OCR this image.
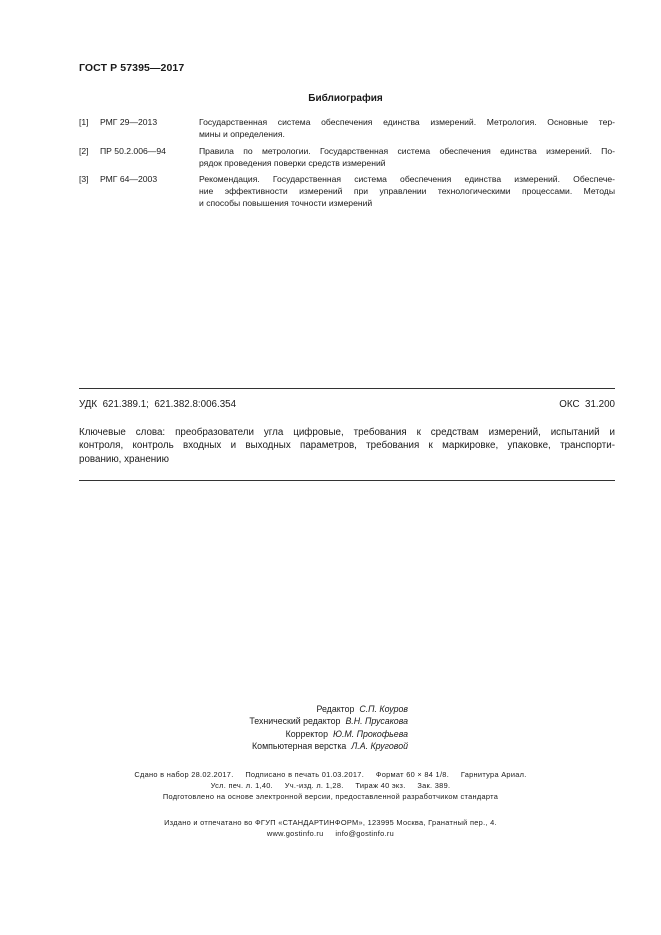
ГОСТ Р 57395—2017
Библиография
[1] РМГ 29—2013	Государственная система обеспечения единства измерений. Метрология. Основные тер-
мины и определения.
[2] ПР 50.2.006—94	Правила по метрологии. Государственная система обеспечения единства измерений. По-
рядок проведения поверки средств измерений
[3] РМГ 64—2003	Рекомендация. Государственная система обеспечения единства измерений. Обеспече-
ние эффективности измерений при управлении технологическими процессами. Методы
и способы повышения точности измерений
УДК  621.389.1;  621.382.8:006.354	ОКС  31.200
Ключевые слова: преобразователи угла цифровые, требования к средствам измерений, испытаний и
контроля, контроль входных и выходных параметров, требования к маркировке, упаковке, транспорти-
рованию, хранению
Редактор С.П. Коуров
Технический редактор В.Н. Прусакова
Корректор Ю.М. Прокофьева
Компьютерная верстка Л.А. Круговой
Сдано в набор 28.02.2017.     Подписано в печать 01.03.2017.     Формат 60 × 84 1/8.     Гарнитура Ариал.
Усл. печ. л. 1,40.     Уч.-изд. л. 1,28.     Тираж 40 экз.     Зак. 389.
Подготовлено на основе электронной версии, предоставленной разработчиком стандарта
Издано и отпечатано во ФГУП «СТАНДАРТИНФОРМ», 123995 Москва, Гранатный пер., 4.
www.gostinfo.ru     info@gostinfo.ru
